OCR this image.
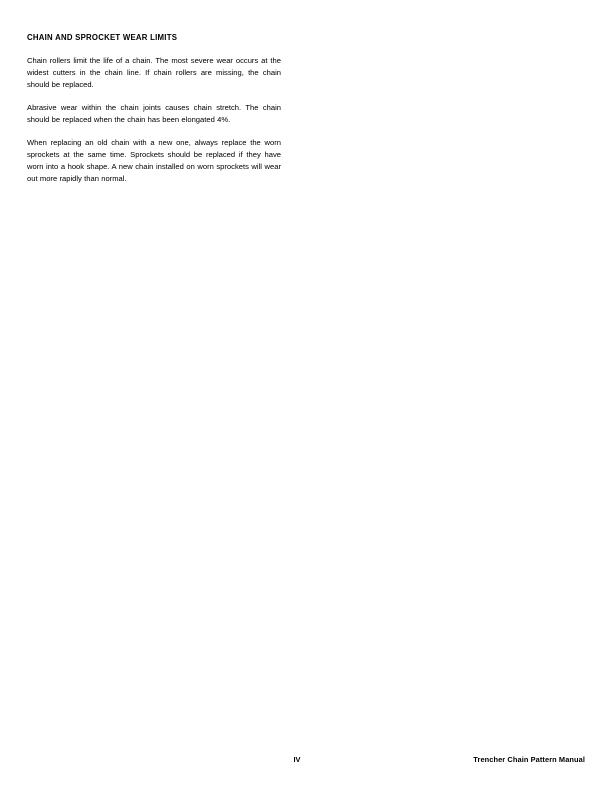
CHAIN AND SPROCKET WEAR LIMITS

Chain rollers limit the life of a chain. The most severe wear occurs at the widest cutters in the chain line. If chain rollers are missing, the chain should be replaced.

Abrasive wear within the chain joints causes chain stretch. The chain should be replaced when the chain has been elongated 4%.

When replacing an old chain with a new one, always replace the worn sprockets at the same time. Sprockets should be replaced if they have worn into a hook shape. A new chain installed on worn sprockets will wear out more rapidly than normal.

IV	Trencher Chain Pattern Manual
